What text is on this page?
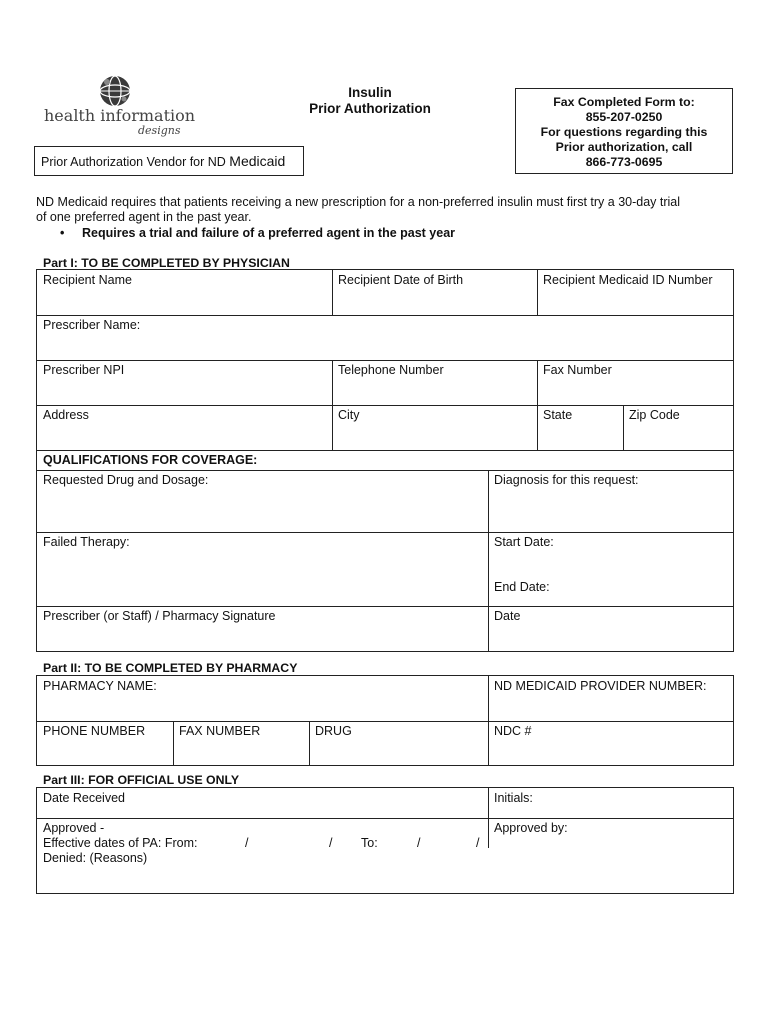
health information
designs
Insulin
Prior Authorization	Fax Completed Form to:
855-207-0250
For questions regarding this
Prior authorization, call
866-773-0695
Prior Authorization Vendor for ND Medicaid
ND Medicaid requires that patients receiving a new prescription for a non-preferred insulin must first try a 30-day trial
of one preferred agent in the past year.
• Requires a trial and failure of a preferred agent in the past year
Part I: TO BE COMPLETED BY PHYSICIAN
Recipient Name	Recipient Date of Birth	Recipient Medicaid ID Number
Prescriber Name:
Prescriber NPI	Telephone Number	Fax Number
Address	City	State	Zip Code
QUALIFICATIONS FOR COVERAGE:
Requested Drug and Dosage:	Diagnosis for this request:
Failed Therapy:	Start Date:
End Date:
Prescriber (or Staff) / Pharmacy Signature	Date
Part II: TO BE COMPLETED BY PHARMACY
PHARMACY NAME:	ND MEDICAID PROVIDER NUMBER:
PHONE NUMBER	FAX NUMBER	DRUG	NDC #
Part III: FOR OFFICIAL USE ONLY
Date Received	Initials:
Approved -
Effective dates of PA: From:	/	/ To:	/	/
Approved by:
Denied: (Reasons)
